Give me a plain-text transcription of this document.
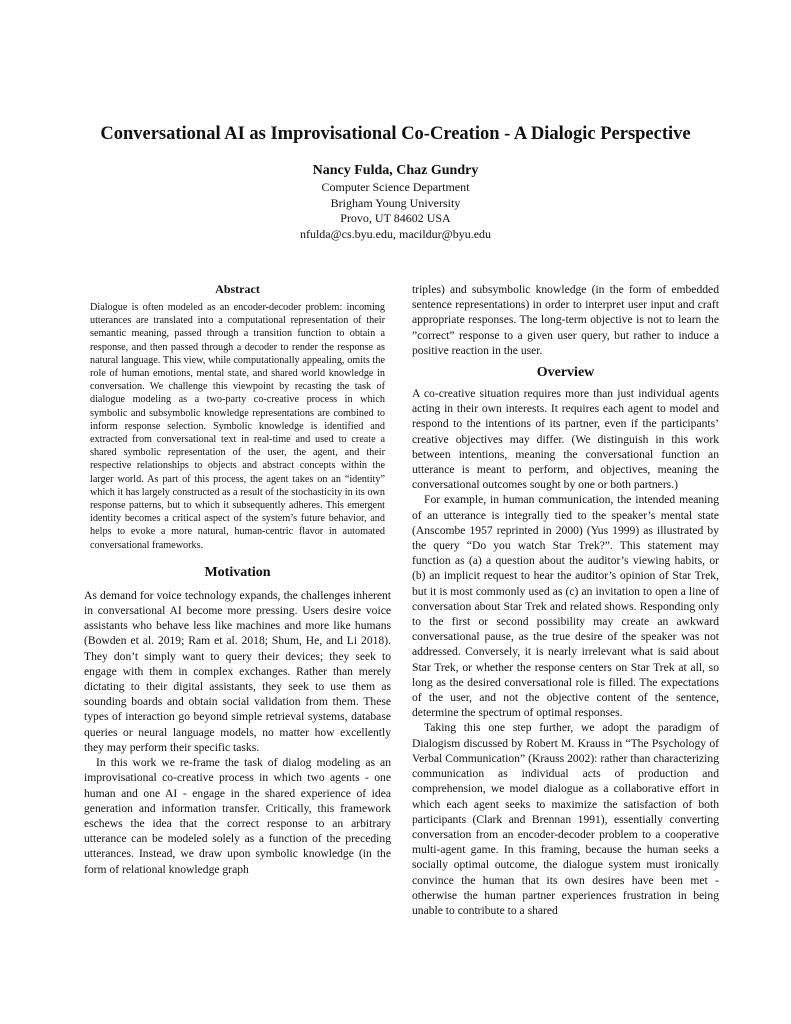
Conversational AI as Improvisational Co-Creation - A Dialogic Perspective
Nancy Fulda, Chaz Gundry
Computer Science Department
Brigham Young University
Provo, UT 84602 USA
nfulda@cs.byu.edu, macildur@byu.edu
Abstract

Dialogue is often modeled as an encoder-decoder problem: incoming utterances are translated into a computational representation of their semantic meaning, passed through a transition function to obtain a response, and then passed through a decoder to render the response as natural language. This view, while computationally appealing, omits the role of human emotions, mental state, and shared world knowledge in conversation. We challenge this viewpoint by recasting the task of dialogue modeling as a two-party co-creative process in which symbolic and subsymbolic knowledge representations are combined to inform response selection. Symbolic knowledge is identified and extracted from conversational text in real-time and used to create a shared symbolic representation of the user, the agent, and their respective relationships to objects and abstract concepts within the larger world. As part of this process, the agent takes on an “identity” which it has largely constructed as a result of the stochasticity in its own response patterns, but to which it subsequently adheres. This emergent identity becomes a critical aspect of the system’s future behavior, and helps to evoke a more natural, human-centric flavor in automated conversational frameworks.

Motivation

As demand for voice technology expands, the challenges inherent in conversational AI become more pressing. Users desire voice assistants who behave less like machines and more like humans (Bowden et al. 2019; Ram et al. 2018; Shum, He, and Li 2018). They don’t simply want to query their devices; they seek to engage with them in complex exchanges. Rather than merely dictating to their digital assistants, they seek to use them as sounding boards and obtain social validation from them. These types of interaction go beyond simple retrieval systems, database queries or neural language models, no matter how excellently they may perform their specific tasks.

In this work we re-frame the task of dialog modeling as an improvisational co-creative process in which two agents - one human and one AI - engage in the shared experience of idea generation and information transfer. Critically, this framework eschews the idea that the correct response to an arbitrary utterance can be modeled solely as a function of the preceding utterances. Instead, we draw upon symbolic knowledge (in the form of relational knowledge graph

triples) and subsymbolic knowledge (in the form of embedded sentence representations) in order to interpret user input and craft appropriate responses. The long-term objective is not to learn the ”correct” response to a given user query, but rather to induce a positive reaction in the user.

Overview

A co-creative situation requires more than just individual agents acting in their own interests. It requires each agent to model and respond to the intentions of its partner, even if the participants’ creative objectives may differ. (We distinguish in this work between intentions, meaning the conversational function an utterance is meant to perform, and objectives, meaning the conversational outcomes sought by one or both partners.)

For example, in human communication, the intended meaning of an utterance is integrally tied to the speaker’s mental state (Anscombe 1957 reprinted in 2000) (Yus 1999) as illustrated by the query “Do you watch Star Trek?”. This statement may function as (a) a question about the auditor’s viewing habits, or (b) an implicit request to hear the auditor’s opinion of Star Trek, but it is most commonly used as (c) an invitation to open a line of conversation about Star Trek and related shows. Responding only to the first or second possibility may create an awkward conversational pause, as the true desire of the speaker was not addressed. Conversely, it is nearly irrelevant what is said about Star Trek, or whether the response centers on Star Trek at all, so long as the desired conversational role is filled. The expectations of the user, and not the objective content of the sentence, determine the spectrum of optimal responses.

Taking this one step further, we adopt the paradigm of Dialogism discussed by Robert M. Krauss in “The Psychology of Verbal Communication” (Krauss 2002): rather than characterizing communication as individual acts of production and comprehension, we model dialogue as a collaborative effort in which each agent seeks to maximize the satisfaction of both participants (Clark and Brennan 1991), essentially converting conversation from an encoder-decoder problem to a cooperative multi-agent game. In this framing, because the human seeks a socially optimal outcome, the dialogue system must ironically convince the human that its own desires have been met - otherwise the human partner experiences frustration in being unable to contribute to a shared
